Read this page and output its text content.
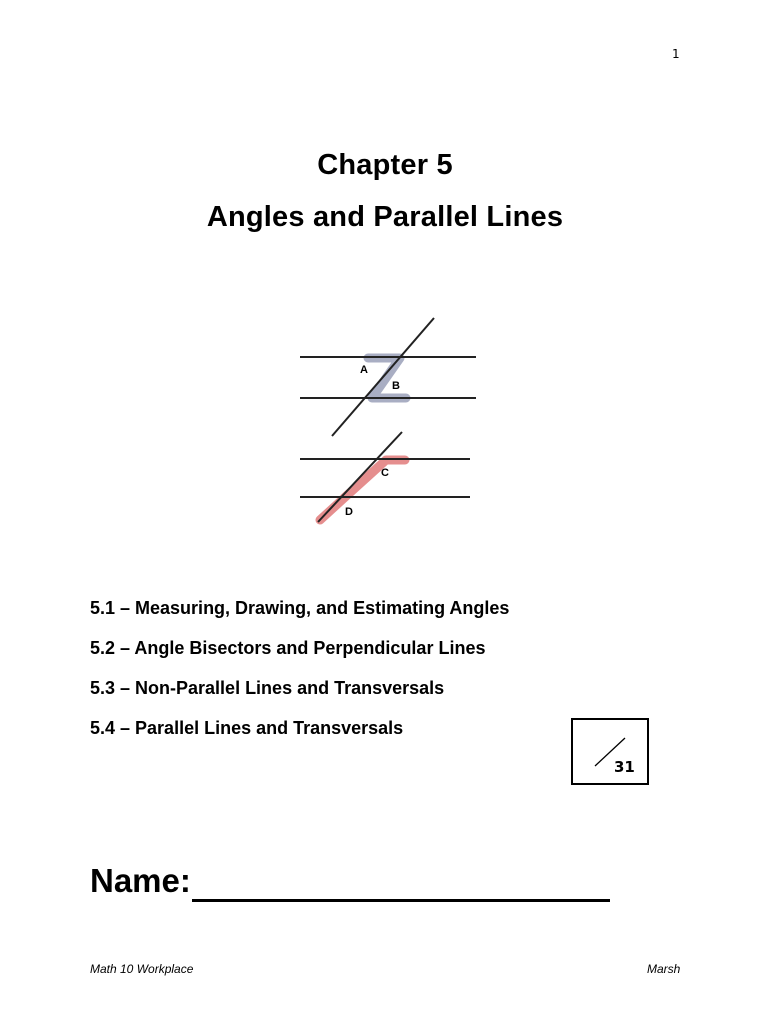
1
Chapter 5
Angles and Parallel Lines
A
B
C
D
5.1 – Measuring, Drawing, and Estimating Angles
5.2 – Angle Bisectors and Perpendicular Lines
5.3 – Non-Parallel Lines and Transversals
5.4 – Parallel Lines and Transversals
31
Name:
Math 10 Workplace	Marsh
